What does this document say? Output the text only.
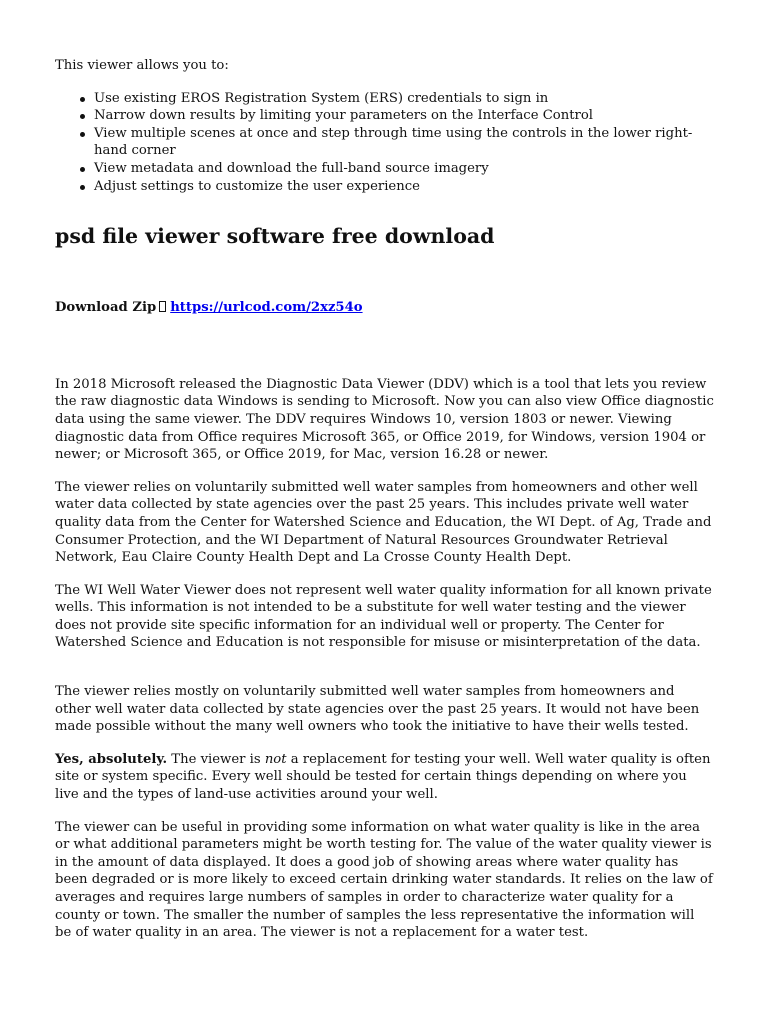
This viewer allows you to:

Use existing EROS Registration System (ERS) credentials to sign in
Narrow down results by limiting your parameters on the Interface Control
View multiple scenes at once and step through time using the controls in the lower right-hand corner
View metadata and download the full-band source imagery
Adjust settings to customize the user experience
psd file viewer software free download

Download Zip https://urlcod.com/2xz54o

In 2018 Microsoft released the Diagnostic Data Viewer (DDV) which is a tool that lets you review the raw diagnostic data Windows is sending to Microsoft. Now you can also view Office diagnostic data using the same viewer. The DDV requires Windows 10, version 1803 or newer. Viewing diagnostic data from Office requires Microsoft 365, or Office 2019, for Windows, version 1904 or newer; or Microsoft 365, or Office 2019, for Mac, version 16.28 or newer.

The viewer relies on voluntarily submitted well water samples from homeowners and other well water data collected by state agencies over the past 25 years. This includes private well water quality data from the Center for Watershed Science and Education, the WI Dept. of Ag, Trade and Consumer Protection, and the WI Department of Natural Resources Groundwater Retrieval Network, Eau Claire County Health Dept and La Crosse County Health Dept.

The WI Well Water Viewer does not represent well water quality information for all known private wells. This information is not intended to be a substitute for well water testing and the viewer does not provide site specific information for an individual well or property. The Center for Watershed Science and Education is not responsible for misuse or misinterpretation of the data.

The viewer relies mostly on voluntarily submitted well water samples from homeowners and other well water data collected by state agencies over the past 25 years. It would not have been made possible without the many well owners who took the initiative to have their wells tested.

Yes, absolutely. The viewer is not a replacement for testing your well. Well water quality is often site or system specific. Every well should be tested for certain things depending on where you live and the types of land-use activities around your well.

The viewer can be useful in providing some information on what water quality is like in the area or what additional parameters might be worth testing for. The value of the water quality viewer is in the amount of data displayed. It does a good job of showing areas where water quality has been degraded or is more likely to exceed certain drinking water standards. It relies on the law of averages and requires large numbers of samples in order to characterize water quality for a county or town. The smaller the number of samples the less representative the information will be of water quality in an area. The viewer is not a replacement for a water test.
